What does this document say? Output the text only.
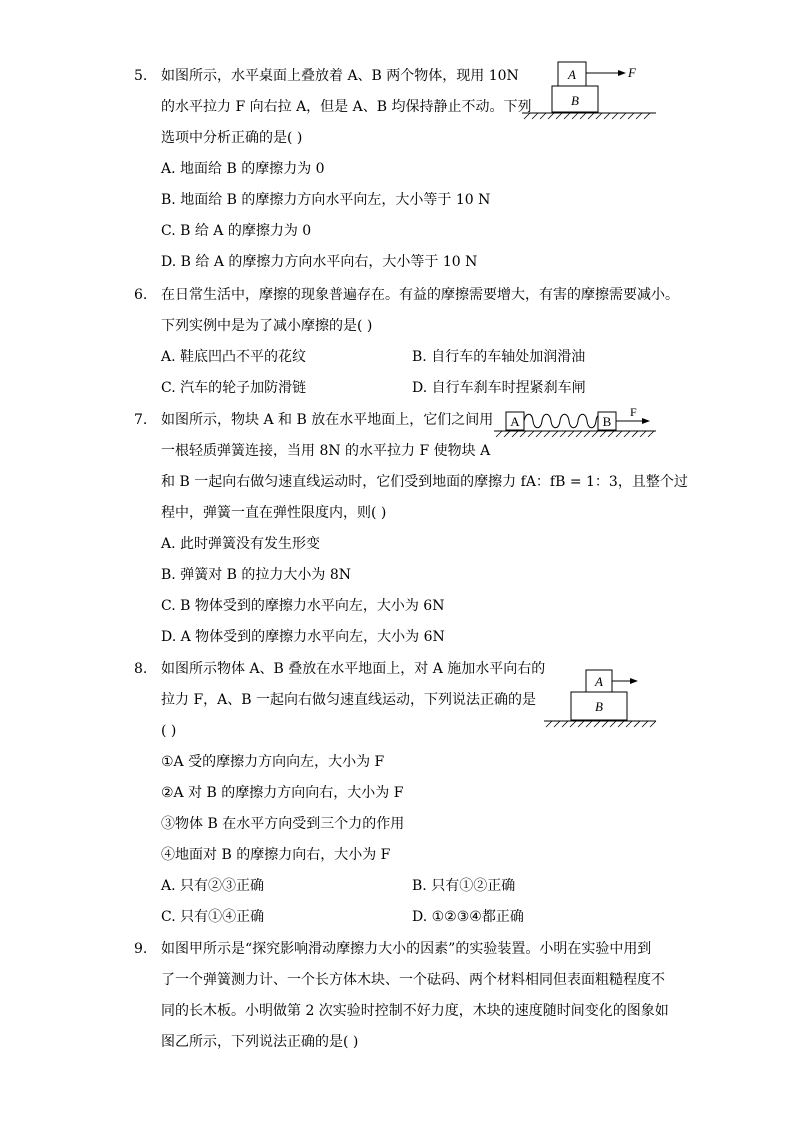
5. 如图所示，水平桌面上叠放着 A、B 两个物体，现用 10N
的水平拉力 F 向右拉 A，但是 A、B 均保持静止不动。下列
选项中分析正确的是( )
A. 地面给 B 的摩擦力为 0
B. 地面给 B 的摩擦力方向水平向左，大小等于 10 N
C. B 给 A 的摩擦力为 0
D. B 给 A 的摩擦力方向水平向右，大小等于 10 N
A
B
F
6. 在日常生活中，摩擦的现象普遍存在。有益的摩擦需要增大，有害的摩擦需要减小。
下列实例中是为了减小摩擦的是( )
A. 鞋底凹凸不平的花纹	B. 自行车的车轴处加润滑油
C. 汽车的轮子加防滑链	D. 自行车刹车时捏紧刹车闸
7. 如图所示，物块 A 和 B 放在水平地面上，它们之间用
一根轻质弹簧连接，当用 8N 的水平拉力 F 使物块 A
和 B 一起向右做匀速直线运动时，它们受到地面的摩擦力 fA：fB = 1：3，且整个过
程中，弹簧一直在弹性限度内，则( )
A. 此时弹簧没有发生形变
B. 弹簧对 B 的拉力大小为 8N
C. B 物体受到的摩擦力水平向左，大小为 6N
D. A 物体受到的摩擦力水平向左，大小为 6N
A	B
F
8. 如图所示物体 A、B 叠放在水平地面上，对 A 施加水平向右的
拉力 F，A、B 一起向右做匀速直线运动，下列说法正确的是
( )
①A 受的摩擦力方向向左，大小为 F
②A 对 B 的摩擦力方向向右，大小为 F
③物体 B 在水平方向受到三个力的作用
④地面对 B 的摩擦力向右，大小为 F
A. 只有②③正确	B. 只有①②正确
C. 只有①④正确	D. ①②③④都正确
A
B
9. 如图甲所示是“探究影响滑动摩擦力大小的因素”的实验装置。小明在实验中用到
了一个弹簧测力计、一个长方体木块、一个砝码、两个材料相同但表面粗糙程度不
同的长木板。小明做第 2 次实验时控制不好力度，木块的速度随时间变化的图象如
图乙所示，下列说法正确的是( )
